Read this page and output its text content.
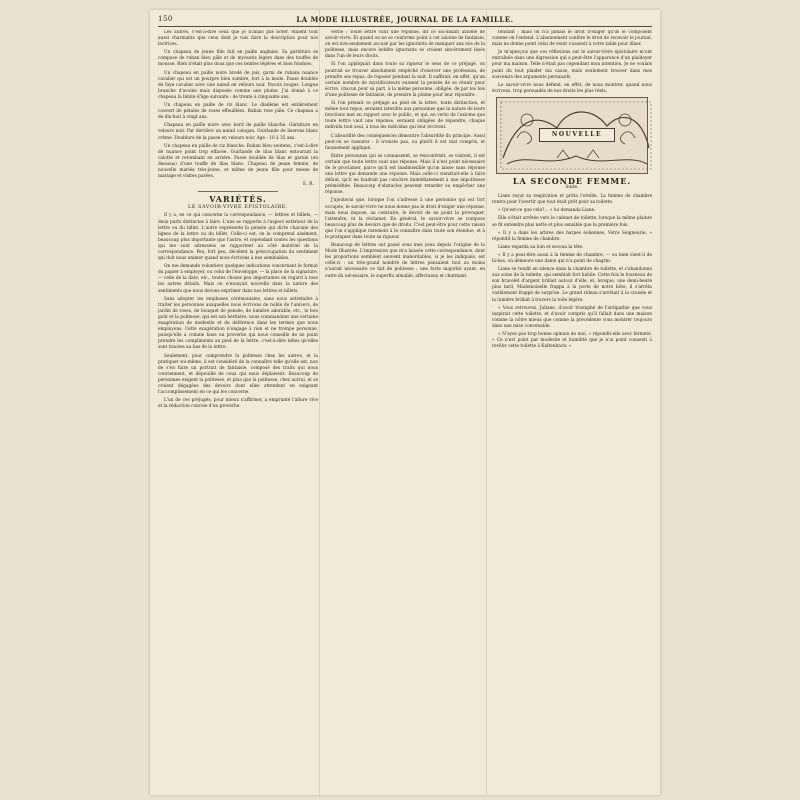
150	LA MODE ILLUSTRÉE, JOURNAL DE LA FAMILLE.

Les autres, c'est-à-dire ceux que je n'allais pas noter, étaient tout aussi charmants que ceux dont je vais faire la description pour nos lectrices.

Un chapeau de jeune fille fait en paille anglaise. Sa garniture se compose de ruban bleu pâle et de myosotis légers dans des touffes de mousse. Rien n'était plus doux que ces teintes légères et bien fondues.

Un chapeau en paille noire brodé de jais, garni de rubans nuance cavalier qui est un pourpre bien sombre, fort à la mode. Passe doublée de faye cavalier avec une nœud en velours noir. Pavots rouges. Longue branche d'avoine mais disposée comme une plume. J'ai donné à ce chapeau la limite d'âge suivante : de trente à cinquante ans.

Un chapeau en paille de riz blanc. Le diadème est entièrement couvert de pétales de roses effeuillées. Ruban rose pâle. Ce chapeau a de dix-huit à vingt ans.

Chapeau en paille noire avec bord de paille blanche. Garniture en velours noir. Par derrière un nœud catogan. Guirlande de liserons blanc crème. Doublure de la passe en velours noir. Age : 18 à 35 ans.

Un chapeau en paille de riz blanche. Ruban bleu soutenu, c'est-à-dire de nuance point trop effacée. Guirlande de lilas blanc entourant la calotte et retombant en arrière. Passe doublée de lilas et garnie (en dessous) d'une touffe de lilas blanc. Chapeau de jeune femme, de nouvelle mariée très-jeune, et même de jeune fille pour messe de mariage et visites parées.

E. R.
VARIÉTÉS.
LE SAVOIR-VIVRE ÉPISTOLAIRE.

Il y a, en ce qui concerne la correspondance, — lettres et billets, — deux parts distinctes à faire. L'une se rapporte à l'aspect extérieur de la lettre ou du billet. L'autre représente la pensée qui dicte chacune des lignes de la lettre ou du billet. Celle-ci est, on le comprend aisément, beaucoup plus importante que l'autre, et cependant toutes les questions qui me sont adressées se rapportent au côté matériel de la correspondance. Peu, fort peu, décèlent la préoccupation du sentiment qui doit nous animer quand nous écrivons à nos semblables.

On me demande volontiers quelques indications concernant le format du papier à employer, ou celui de l'enveloppe, — la place de la signature, — celle de la date, etc., toutes choses peu importantes en regard à tous les autres détails. Mais on n'essayait nouvelle dans la nature des sentiments que nous devons exprimer dans nos lettres et billets.

Sans adopter les emphases cérémoniales, sans nous astreindre à traiter les personnes auxquelles nous écrivons de noble de l'univers, de jardin de roses, de bouquet de pensée, de lumière adorable, etc., le bon goût et la politesse, qui est son héritière, nous commandent une certaine exagération de modestie et de déférence dans les termes que nous employons. Cette exagération n'engage à rien et ne trompe personne, puisqu'elle a comme base un proverbe qui nous conseille de ne point prendre les compliments au pied de la lettre, c'est-à-dire telles qu'elles sont tracées au bas de la lettre.

Seulement, pour comprendre la politesse chez les autres, et la pratiquer soi-même, il est considéré de la connaître telle qu'elle est, non de s'en faire un portrait de fantaisie, composé des traits qui nous conviennent, et dépouillé de ceux qui nous déplaisent. Beaucoup de personnes exigent la politesse, et plus que la politesse, chez autrui, et se croient dégagées des devoirs dont elles attendent en exigeant l'accomplissement en ce qui les concerne.

L'un de ces préjugés, pour mieux s'affirmer, a emprunté l'allure vive et la rédaction concise d'un proverbe.

verbe : Toute lettre vaut une réponse, dit ce soi-disant axiome de savoir-vivre. Et quand on ne se conforme point à cet axiome de fantaisie, on est non-seulement accusé par les ignorants de manquer aux lois de la politesse, mais encore leddite ignorants se croient sincèrement lésés dans l'un de leurs droits.

Si l'on appliquait dans toute sa rigueur le sens de ce préjugé, on pourrait se trouver absolument empêché d'exercer une profession, de prendre ses repas, de reposer pendant la nuit. Il suffirait, en effet, qu'un certain nombre de mystificateurs eussent la pensée de se réunir pour écrire, chacun pour sa part, à la même personne, obligée, de par les lois d'une politesse de fantaisie, de prendre la plume pour leur répondre.

Si l'on prenait ce préjugé au pied de la lettre, toute distinction, et même tout repos, seraient interdits aux personnes que la nature de leurs fonctions met en rapport avec le public, et qui, en vertu de l'axiome que toute lettre vaut une réponse, seraient obligées de répondre, chaque individu tout seul, à tous les individus qui leur écrivent.

L'absurdité des conséquences démontre l'absurdité du principe. Aussi peut-on se rassurer : il n'existe pas, ou plutôt il est mal compris, et faussement appliqué.

Entre personnes qui se connaissent, se rencontrent, se visitent, il est certain que toute lettre vaut une réponse. Mais il n'est point nécessaire de le proclamer, parce qu'il est inadmissible qu'on laisse sans réponse une lettre qui demande une réponse. Mais celle-ci viendrait-elle à faire défaut, qu'il ne faudrait pas conclure immédiatement à une impolitesse préméditée. Beaucoup d'obstacles peuvent retarder ou empêcher une réponse.

J'ajouterai que, lorsque l'on s'adresse à une personne qui est fort occupée, le savoir-vivre ne nous donne pas le droit d'exiger une réponse, mais nous impose, au contraire, le devoir de ne point la provoquer, l'attendre, ni la réclamer. En général, le savoir-vivre se compose beaucoup plus de devoirs que de droits. C'est peut-être pour cette raison que l'on s'applique rarement à le connaître dans toute son étendue, et à le pratiquer dans toute sa rigueur.

Beaucoup de lettres ont passé sous mes yeux depuis l'origine de la Mode Illustrée. L'impression que m'a laissée cette correspondance, dont les proportions semblent souvent inabordables, si je les indiquais, est celle-ci : un très-grand nombre de lettres pensaient tout au moins n'aurait nécessaire ce fait de politesse ; une forte majorité ayant, en outre du nécessaire, le superflu aimable, affectueux et charmant.

tendant ; mais on n'a jamais le droit d'exiger qu'ils le composent comme on l'entend. L'abonnement confère le droit de recevoir le journal, mais ne donne point celui de venir s'asseoir à votre table pour dîner.

Je m'aperçois que ces réflexions sur le savoir-vivre épistolaire m'ont entraînée dans une digression qui a peut-être l'apparence d'un plaidoyer pour ma maison. Telle n'était pas cependant mon intention. Je ne voulais point du tout plaider ma cause, mais seulement trouver dans mes souvenirs des arguments persuasifs.

Le savoir-vivre nous défend, en effet, de nous montrer, quand nous écrivons, trop persuadés de nos droits les plus réels.

NOUVELLE
LA SECONDE FEMME.
Suite.

Liane reçut sa respiration et prêta l'oreille. La femme de chambre rentra pour l'avertir que tout était prêt pour sa toilette.

« Qu'est-ce que cela?... » lui demanda Liane.

Elle s'était arrêtée vers le cabinet de toilette, lorsque la même plainte se fit entendre plus nette et plus sensible que la première fois.

« Il y a dans les arbres des harpes éoliennes, Votre Seigneurie, » répondit la femme de chambre.

Liane regarda au loin et secoua la tête.

« Il y a peut-être aussi à la femme de chambre, — ou bien vient-il de là-bas, où démeure une dame qui n'a point de chagrin.

Liane se rendit en silence dans la chambre de toilette, et s'abandonna aux soins de la toilette, qui semblait fort habile. Cette fois le fourneau de son bracelet d'argent brillait autour d'elle, et, lorsque, une demi-heure plus tard, Mademoiselle frappa à la porte de notre hôte, il s'arrêta visiblement frappé de surprise. Le grand rideau s'arrêtait à la croisée et la lumière brillait à travers la toile légère.

« Vous retrouvez, Juliane, d'avoir triomphé de l'antipathie que vous inspirait cette toilette, et d'avoir compris qu'il fallait dans une maison comme la nôtre mieux que comme la précédente vous montrer toujours dans une mise convenable.

« N'ayez pas trop bonne opinion de moi, » répondit-elle avec fermeté. « Ce n'est point par modestie et humilité que je n'ai point consenti à revêtir cette toilette à Kaltenbach. »
